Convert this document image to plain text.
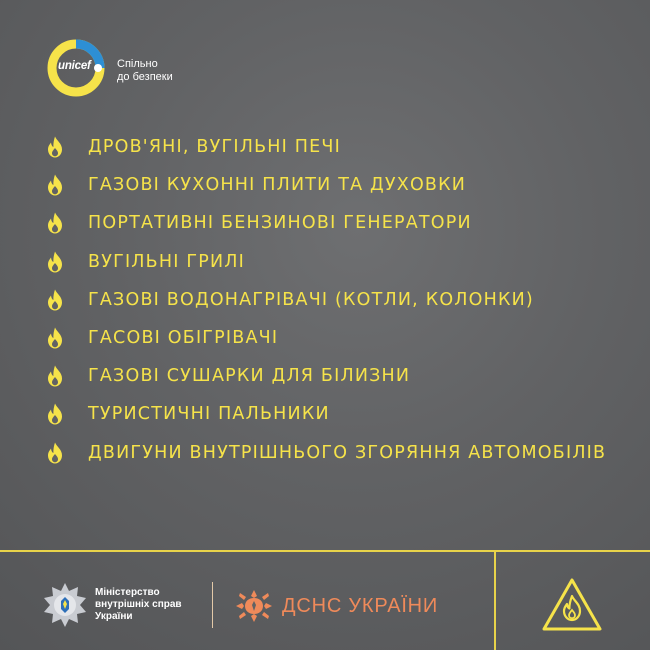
unicef Спільно
до безпеки
ДРОВ'ЯНІ, ВУГІЛЬНІ ПЕЧІ
ГАЗОВІ КУХОННІ ПЛИТИ ТА ДУХОВКИ
ПОРТАТИВНІ БЕНЗИНОВІ ГЕНЕРАТОРИ
ВУГІЛЬНІ ГРИЛІ
ГАЗОВІ ВОДОНАГРІВАЧІ (КОТЛИ, КОЛОНКИ)
ГАСОВІ ОБІГРІВАЧІ
ГАЗОВІ СУШАРКИ ДЛЯ БІЛИЗНИ
ТУРИСТИЧНІ ПАЛЬНИКИ
ДВИГУНИ ВНУТРІШНЬОГО ЗГОРЯННЯ АВТОМОБІЛІВ
Міністерство
внутрішніх справ
України	ДСНС УКРАЇНИ
